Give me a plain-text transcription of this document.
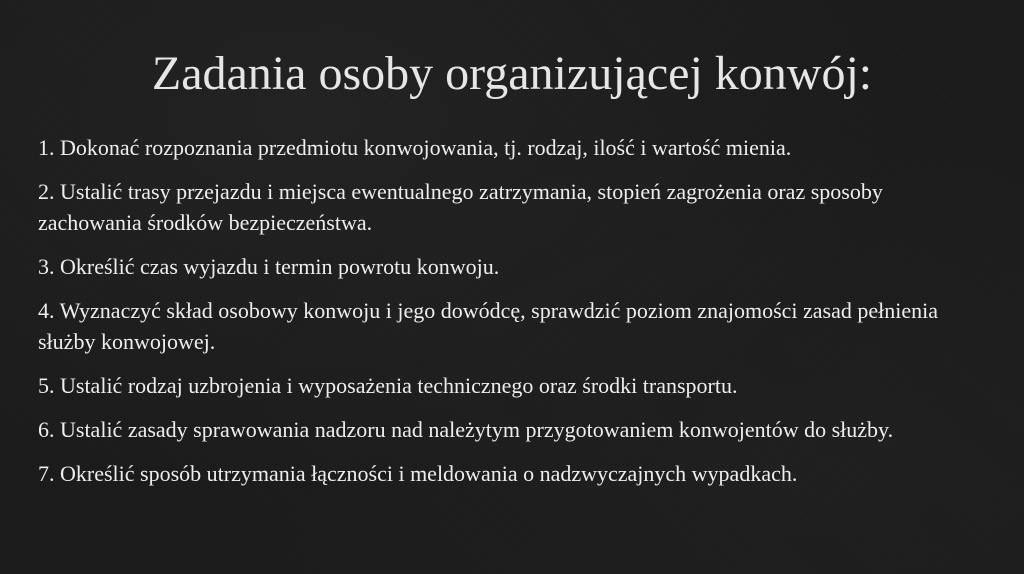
Zadania osoby organizującej konwój:
1. Dokonać rozpoznania przedmiotu konwojowania, tj. rodzaj, ilość i wartość mienia.
2. Ustalić trasy przejazdu i miejsca ewentualnego zatrzymania, stopień zagrożenia oraz sposoby zachowania środków bezpieczeństwa.
3. Określić czas wyjazdu i termin powrotu konwoju.
4. Wyznaczyć skład osobowy konwoju i jego dowódcę, sprawdzić poziom znajomości zasad pełnienia służby konwojowej.
5. Ustalić rodzaj uzbrojenia i wyposażenia technicznego oraz środki transportu.
6. Ustalić zasady sprawowania nadzoru nad należytym przygotowaniem konwojentów do służby.
7. Określić sposób utrzymania łączności i meldowania o nadzwyczajnych wypadkach.
